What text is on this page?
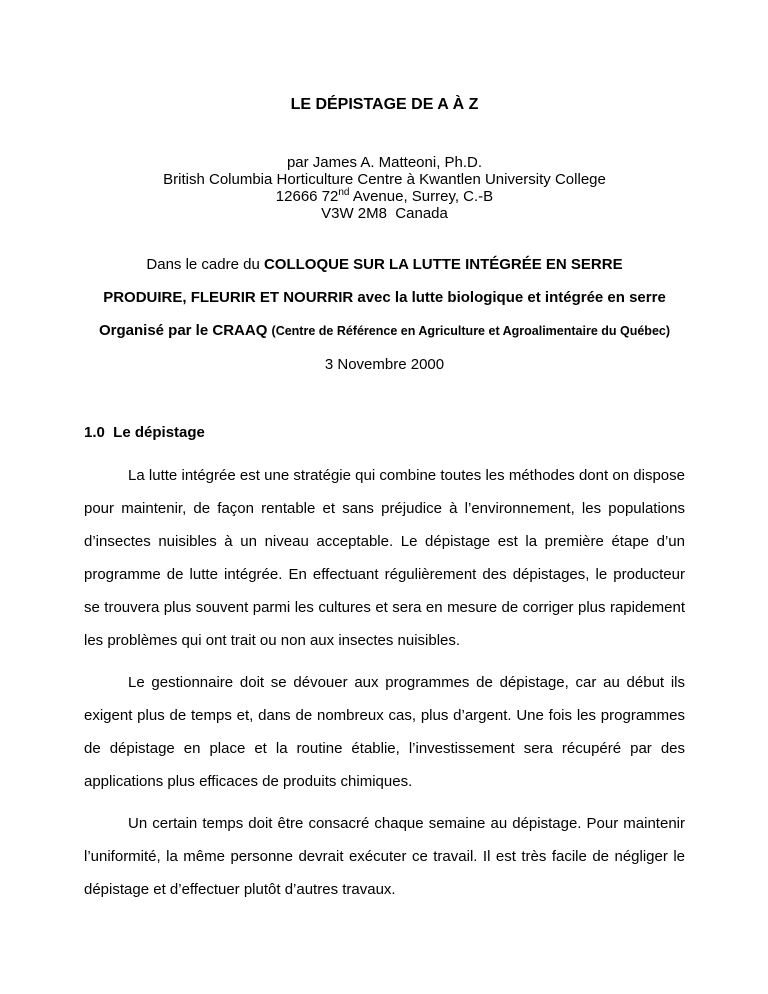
LE DÉPISTAGE DE A À Z
par James A. Matteoni, Ph.D.
British Columbia Horticulture Centre à Kwantlen University College
12666 72nd Avenue, Surrey, C.-B
V3W 2M8  Canada
Dans le cadre du COLLOQUE SUR LA LUTTE INTÉGRÉE EN SERRE
PRODUIRE, FLEURIR ET NOURRIR avec la lutte biologique et intégrée en serre
Organisé par le CRAAQ (Centre de Référence en Agriculture et Agroalimentaire du Québec)
3 Novembre 2000
1.0  Le dépistage

La lutte intégrée est une stratégie qui combine toutes les méthodes dont on dispose pour maintenir, de façon rentable et sans préjudice à l’environnement, les populations d’insectes nuisibles à un niveau acceptable. Le dépistage est la première étape d’un programme de lutte intégrée. En effectuant régulièrement des dépistages, le producteur se trouvera plus souvent parmi les cultures et sera en mesure de corriger plus rapidement les problèmes qui ont trait ou non aux insectes nuisibles.

Le gestionnaire doit se dévouer aux programmes de dépistage, car au début ils exigent plus de temps et, dans de nombreux cas, plus d’argent. Une fois les programmes de dépistage en place et la routine établie, l’investissement sera récupéré par des applications plus efficaces de produits chimiques.

Un certain temps doit être consacré chaque semaine au dépistage. Pour maintenir l’uniformité, la même personne devrait exécuter ce travail. Il est très facile de négliger le dépistage et d’effectuer plutôt d’autres travaux.
